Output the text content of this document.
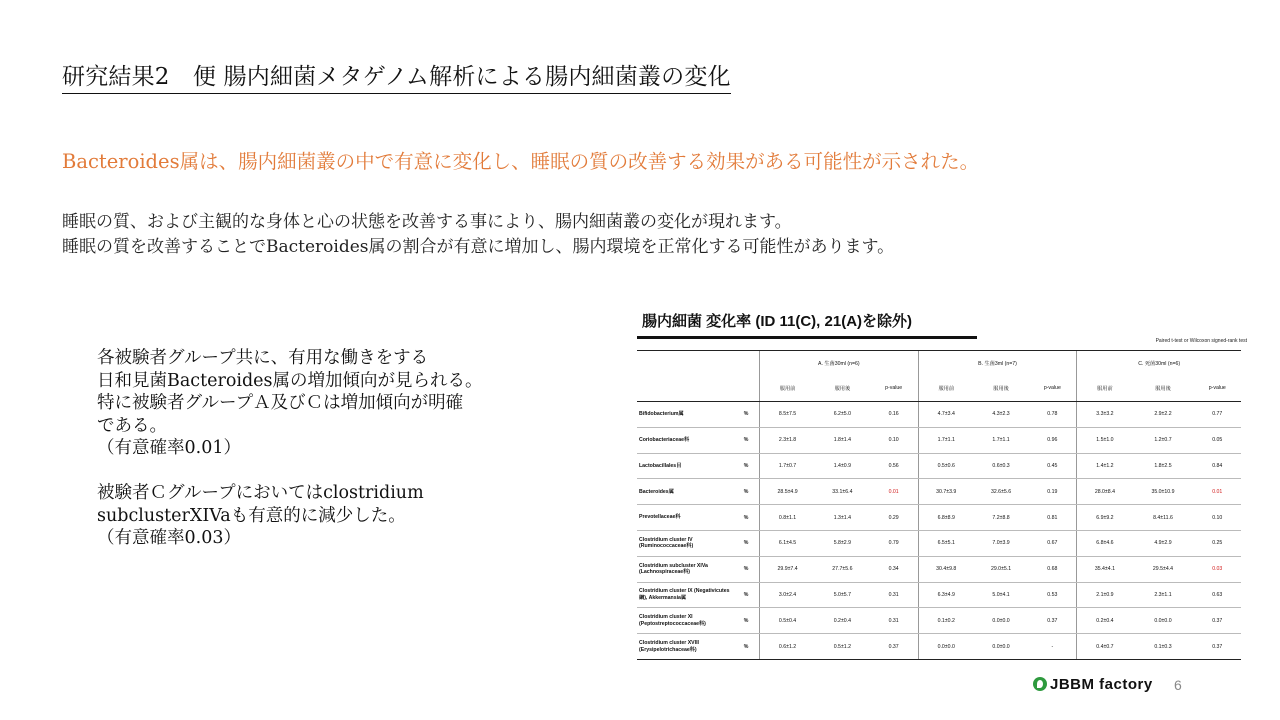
研究結果2　便 腸内細菌メタゲノム解析による腸内細菌叢の変化
Bacteroides属は、腸内細菌叢の中で有意に変化し、睡眠の質の改善する効果がある可能性が示された。
睡眠の質、および主観的な身体と心の状態を改善する事により、腸内細菌叢の変化が現れます。
睡眠の質を改善することでBacteroides属の割合が有意に増加し、腸内環境を正常化する可能性があります。
各被験者グループ共に、有用な働きをする
日和見菌Bacteroides属の増加傾向が見られる。
特に被験者グループＡ及びＣは増加傾向が明確
である。
（有意確率0.01）
被験者Ｃグループにおいてはclostridium
subclusterXIVaも有意的に減少した。
（有意確率0.03）
腸内細菌 変化率 (ID 11(C), 21(A)を除外)
Paired t-test or Wilcoxon signed-rank test
		A. 生菌30ml (n=6)			B. 生菌3ml (n=7)			C. 死菌30ml (n=6)		
		服用前	服用後	p-value	服用前	服用後	p-value	服用前	服用後	p-value
Bifidobacterium属	%	8.5±7.5	6.2±5.0	0.16	4.7±3.4	4.3±2.3	0.78	3.3±3.2	2.9±2.2	0.77
Coriobacteriaceae科	%	2.3±1.8	1.8±1.4	0.10	1.7±1.1	1.7±1.1	0.96	1.5±1.0	1.2±0.7	0.05
Lactobacillales目	%	1.7±0.7	1.4±0.9	0.56	0.5±0.6	0.6±0.3	0.45	1.4±1.2	1.8±2.5	0.84
Bacteroides属	%	28.5±4.9	33.1±6.4	0.01	30.7±3.9	32.6±5.6	0.19	28.0±8.4	35.0±10.9	0.01
Prevotellaceae科	%	0.8±1.1	1.3±1.4	0.29	6.8±8.9	7.2±8.8	0.81	6.9±9.2	8.4±11.6	0.10
Clostridium cluster IV (Ruminococcaceae科)	%	6.1±4.5	5.8±2.9	0.79	6.5±5.1	7.0±3.9	0.67	6.8±4.6	4.9±2.9	0.25
Clostridium subcluster XIVa (Lachnospiraceae科)	%	29.9±7.4	27.7±5.6	0.34	30.4±9.8	29.0±5.1	0.68	35.4±4.1	29.5±4.4	0.03
Clostridium cluster IX (Negativicutes綱), Akkermansia属	%	3.0±2.4	5.0±5.7	0.31	6.3±4.9	5.0±4.1	0.53	2.1±0.9	2.3±1.1	0.63
Clostridium cluster XI (Peptostreptococcaceae科)	%	0.5±0.4	0.2±0.4	0.31	0.1±0.2	0.0±0.0	0.37	0.2±0.4	0.0±0.0	0.37
Clostridium cluster XVIII (Erysipelotrichaceae科)	%	0.6±1.2	0.5±1.2	0.37	0.0±0.0	0.0±0.0	-	0.4±0.7	0.1±0.3	0.37
JBBM factory 6
